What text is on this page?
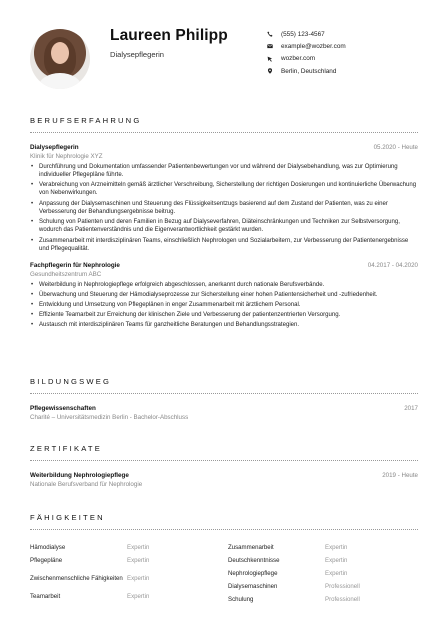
Laureen Philipp
Dialysepflegerin
(555) 123-4567
example@wozber.com
wozber.com
Berlin, Deutschland
BERUFSERFAHRUNG
05.2020 - Heute
Dialysepflegerin
Klinik für Nephrologie XYZ
• Durchführung und Dokumentation umfassender Patientenbewertungen vor und während der Dialysebehandlung, was zur Optimierung individueller Pflegepläne führte.
• Verabreichung von Arzneimitteln gemäß ärztlicher Verschreibung, Sicherstellung der richtigen Dosierungen und kontinuierliche Überwachung von Nebenwirkungen.
• Anpassung der Dialysemaschinen und Steuerung des Flüssigkeitsentzugs basierend auf dem Zustand der Patienten, was zu einer Verbesserung der Behandlungsergebnisse beitrug.
• Schulung von Patienten und deren Familien in Bezug auf Dialyseverfahren, Diäteinschränkungen und Techniken zur Selbstversorgung, wodurch das Patientenverständnis und die Eigenverantwortlichkeit gestärkt wurden.
• Zusammenarbeit mit interdisziplinären Teams, einschließlich Nephrologen und Sozialarbeitern, zur Verbesserung der Patientenergebnisse und Pflegequalität.
04.2017 - 04.2020
Fachpflegerin für Nephrologie
Gesundheitszentrum ABC
• Weiterbildung in Nephrologiepflege erfolgreich abgeschlossen, anerkannt durch nationale Berufsverbände.
• Überwachung und Steuerung der Hämodialyseprozesse zur Sicherstellung einer hohen Patientensicherheit und -zufriedenheit.
• Entwicklung und Umsetzung von Pflegeplänen in enger Zusammenarbeit mit ärztlichem Personal.
• Effiziente Teamarbeit zur Erreichung der klinischen Ziele und Verbesserung der patientenzentrierten Versorgung.
• Austausch mit interdisziplinären Teams für ganzheitliche Beratungen und Behandlungsstrategien.
BILDUNGSWEG
2017
Pflegewissenschaften
Charité – Universitätsmedizin Berlin - Bachelor-Abschluss
ZERTIFIKATE
2019 - Heute
Weiterbildung Nephrologiepflege
Nationale Berufsverband für Nephrologie
FÄHIGKEITEN
Hämodialyse	Expertin
Pflegepläne	Expertin
Zwischenmenschliche Fähigkeiten Expertin
Teamarbeit	Expertin
Zusammenarbeit	Expertin
Deutschkenntnisse	Expertin
Nephrologiepflege	Expertin
Dialysemaschinen	Professionell
Schulung	Professionell
